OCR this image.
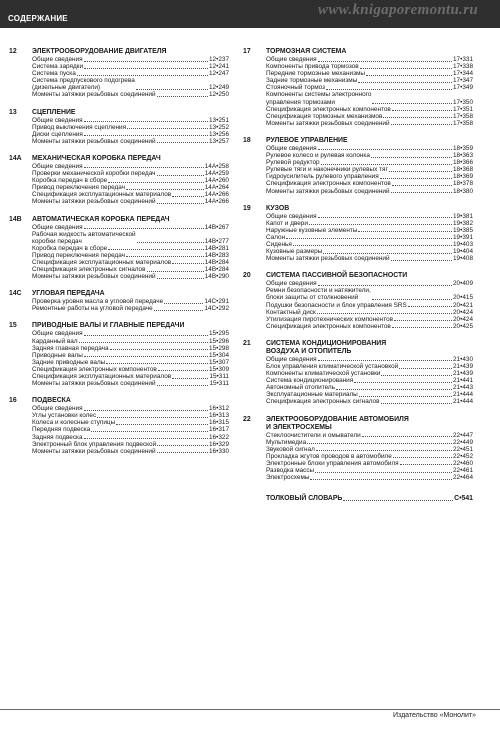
www.knigaporemontu.ru
СОДЕРЖАНИЕ
12	ЭЛЕКТРООБОРУДОВАНИЕ ДВИГАТЕЛЯ
Общие сведения	12•237
Система зарядки	12•241
Система пуска	12•247
Система предпускового подогрева
(дизельные двигатели)	12•249
Моменты затяжки резьбовых соединений	12•250
13	СЦЕПЛЕНИЕ
Общие сведения	13•251
Привод выключения сцепления	13•252
Диски сцепления	13•256
Моменты затяжки резьбовых соединений	13•257
14А	МЕХАНИЧЕСКАЯ КОРОБКА ПЕРЕДАЧ
Общие сведения	14А•258
Проверки механической коробки передач	14А•259
Коробка передач в сборе	14А•260
Привод переключения передач	14А•264
Спецификация эксплуатационных материалов	14А•266
Моменты затяжки резьбовых соединений	14А•266
14В	АВТОМАТИЧЕСКАЯ КОРОБКА ПЕРЕДАЧ
Общие сведения	14В•267
Рабочая жидкость автоматической
коробки передач	14В•277
Коробка передач в сборе	14В•281
Привод переключения передач	14В•283
Спецификация эксплуатационных материалов	14В•284
Спецификация электронных сигналов	14В•284
Моменты затяжки резьбовых соединений	14В•290
14С	УГЛОВАЯ ПЕРЕДАЧА
Проверка уровня масла в угловой передаче	14С•291
Ремонтные работы на угловой передаче	14С•292
15	ПРИВОДНЫЕ ВАЛЫ И ГЛАВНЫЕ ПЕРЕДАЧИ
Общие сведения	15•295
Карданный вал	15•296
Задняя главная передача	15•298
Приводные валы	15•304
Задние приводные валы	15•307
Спецификация электронных компонентов	15•309
Спецификация эксплуатационных материалов	15•311
Моменты затяжки резьбовых соединений	15•311
16	ПОДВЕСКА
Общие сведения	16•312
Углы установки колес	16•313
Колеса и колесные ступицы	16•315
Передняя подвеска	16•317
Задняя подвеска	16•322
Электронный блок управления подвеской	16•329
Моменты затяжки резьбовых соединений	16•330
17	ТОРМОЗНАЯ СИСТЕМА
Общие сведения	17•331
Компоненты привода тормозов	17•338
Передние тормозные механизмы	17•344
Задние тормозные механизмы	17•347
Стояночный тормоз	17•349
Компоненты системы электронного
управления тормозами	17•350
Спецификация электронных компонентов	17•351
Спецификация тормозных механизмов	17•358
Моменты затяжки резьбовых соединений	17•358
18	РУЛЕВОЕ УПРАВЛЕНИЕ
Общие сведения	18•359
Рулевое колесо и рулевая колонка	18•363
Рулевой редуктор	18•366
Рулевые тяги и наконечники рулевых тяг	18•368
Гидроусилитель рулевого управления	18•369
Спецификация электронных компонентов	18•378
Моменты затяжки резьбовых соединений	18•380
19	КУЗОВ
Общие сведения	19•381
Капот и двери	19•382
Наружные кузовные элементы	19•385
Салон	19•391
Сиденья	19•403
Кузовные размеры	19•404
Моменты затяжки резьбовых соединений	19•408
20	СИСТЕМА ПАССИВНОЙ БЕЗОПАСНОСТИ
Общие сведения	20•409
Ремни безопасности и натяжители,
блоки защиты от столкновений	20•415
Подушки безопасности и блок управления SRS	20•421
Контактный диск	20•424
Утилизация пиротехнических компонентов	20•424
Спецификация электронных компонентов	20•425
21	СИСТЕМА КОНДИЦИОНИРОВАНИЯ
ВОЗДУХА И ОТОПИТЕЛЬ
Общие сведения	21•430
Блок управления климатической установкой	21•439
Компоненты климатической установки	21•439
Система кондиционирования	21•441
Автономный отопитель	21•443
Эксплуатационные материалы	21•444
Спецификация электронных сигналов	21•444
22	ЭЛЕКТРООБОРУДОВАНИЕ АВТОМОБИЛЯ
И ЭЛЕКТРОСХЕМЫ
Стеклоочистители и омыватели	22•447
Мультимедиа	22•449
Звуковой сигнал	22•451
Прокладка жгутов проводов в автомобиле	22•452
Электронные блоки управления автомобиля	22•460
Разводка массы	22•461
Электросхемы	22•464
ТОЛКОВЫЙ СЛОВАРЬ	С•541
Издательство «Монолит»
